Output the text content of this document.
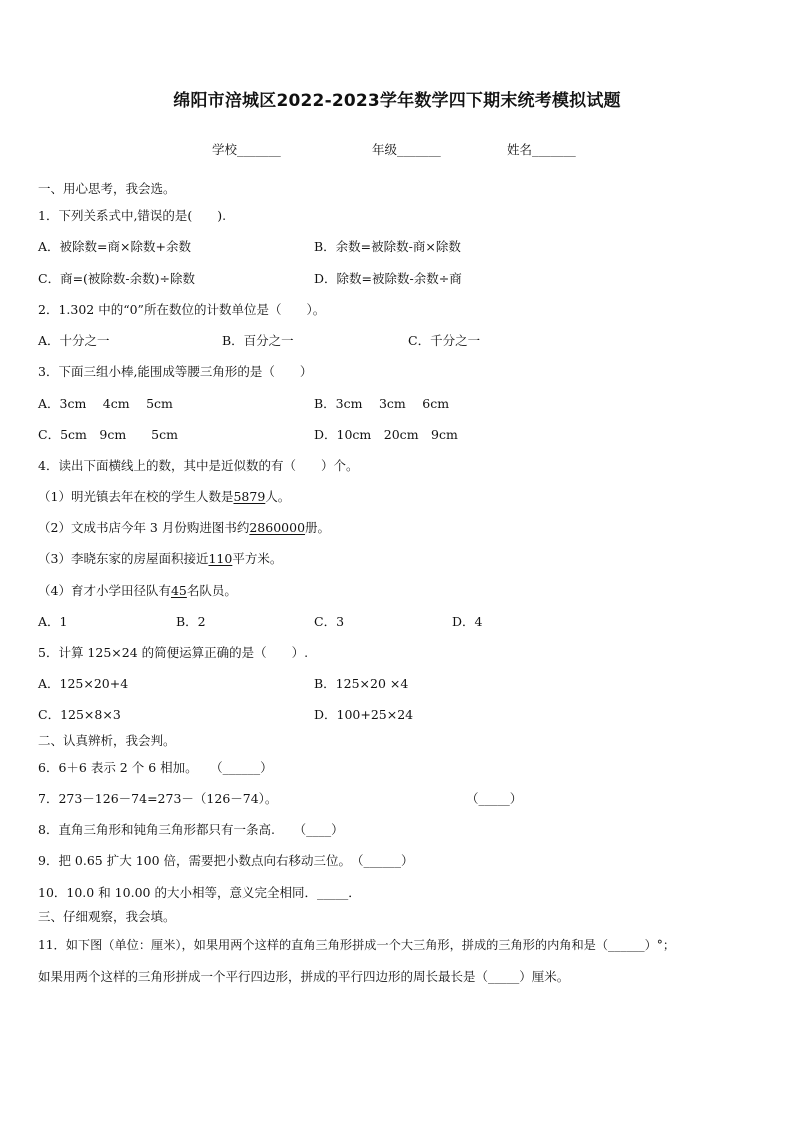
绵阳市涪城区2022-2023学年数学四下期末统考模拟试题
学校_______	年级_______	姓名_______
一、用心思考，我会选。
1．下列关系式中,错误的是(　　).
A．被除数=商×除数+余数	B．余数=被除数-商×除数
C．商=(被除数-余数)÷除数	D．除数=被除数-余数÷商
2．1.302 中的“0”所在数位的计数单位是（　　）。
A．十分之一	B．百分之一	C．千分之一
3．下面三组小棒,能围成等腰三角形的是（　　）
A．3cm　 4cm　 5cm	B．3cm　 3cm　 6cm
C．5cm　9cm　　5cm	D．10cm　20cm　9cm
4．读出下面横线上的数，其中是近似数的有（　　）个。
（1）明光镇去年在校的学生人数是5879人。
（2）文成书店今年 3 月份购进图书约2860000册。
（3）李晓东家的房屋面积接近110平方米。
（4）育才小学田径队有45名队员。
A．1	B．2	C．3	D．4
5．计算 125×24 的简便运算正确的是（　　）.
A．125×20+4	B．125×20 ×4
C．125×8×3	D．100+25×24
二、认真辨析，我会判。
6．6＋6 表示 2 个 6 相加。　　（______）
7．273－126－74=273－（126－74）。	（_____）
8．直角三角形和钝角三角形都只有一条高.　　（____）
9．把 0.65 扩大 100 倍，需要把小数点向右移动三位。　（______）
10．10.0 和 10.00 的大小相等，意义完全相同．_____．
三、仔细观察，我会填。
11．如下图（单位：厘米），如果用两个这样的直角三角形拼成一个大三角形，拼成的三角形的内角和是（______）°；
如果用两个这样的三角形拼成一个平行四边形，拼成的平行四边形的周长最长是（_____）厘米。
